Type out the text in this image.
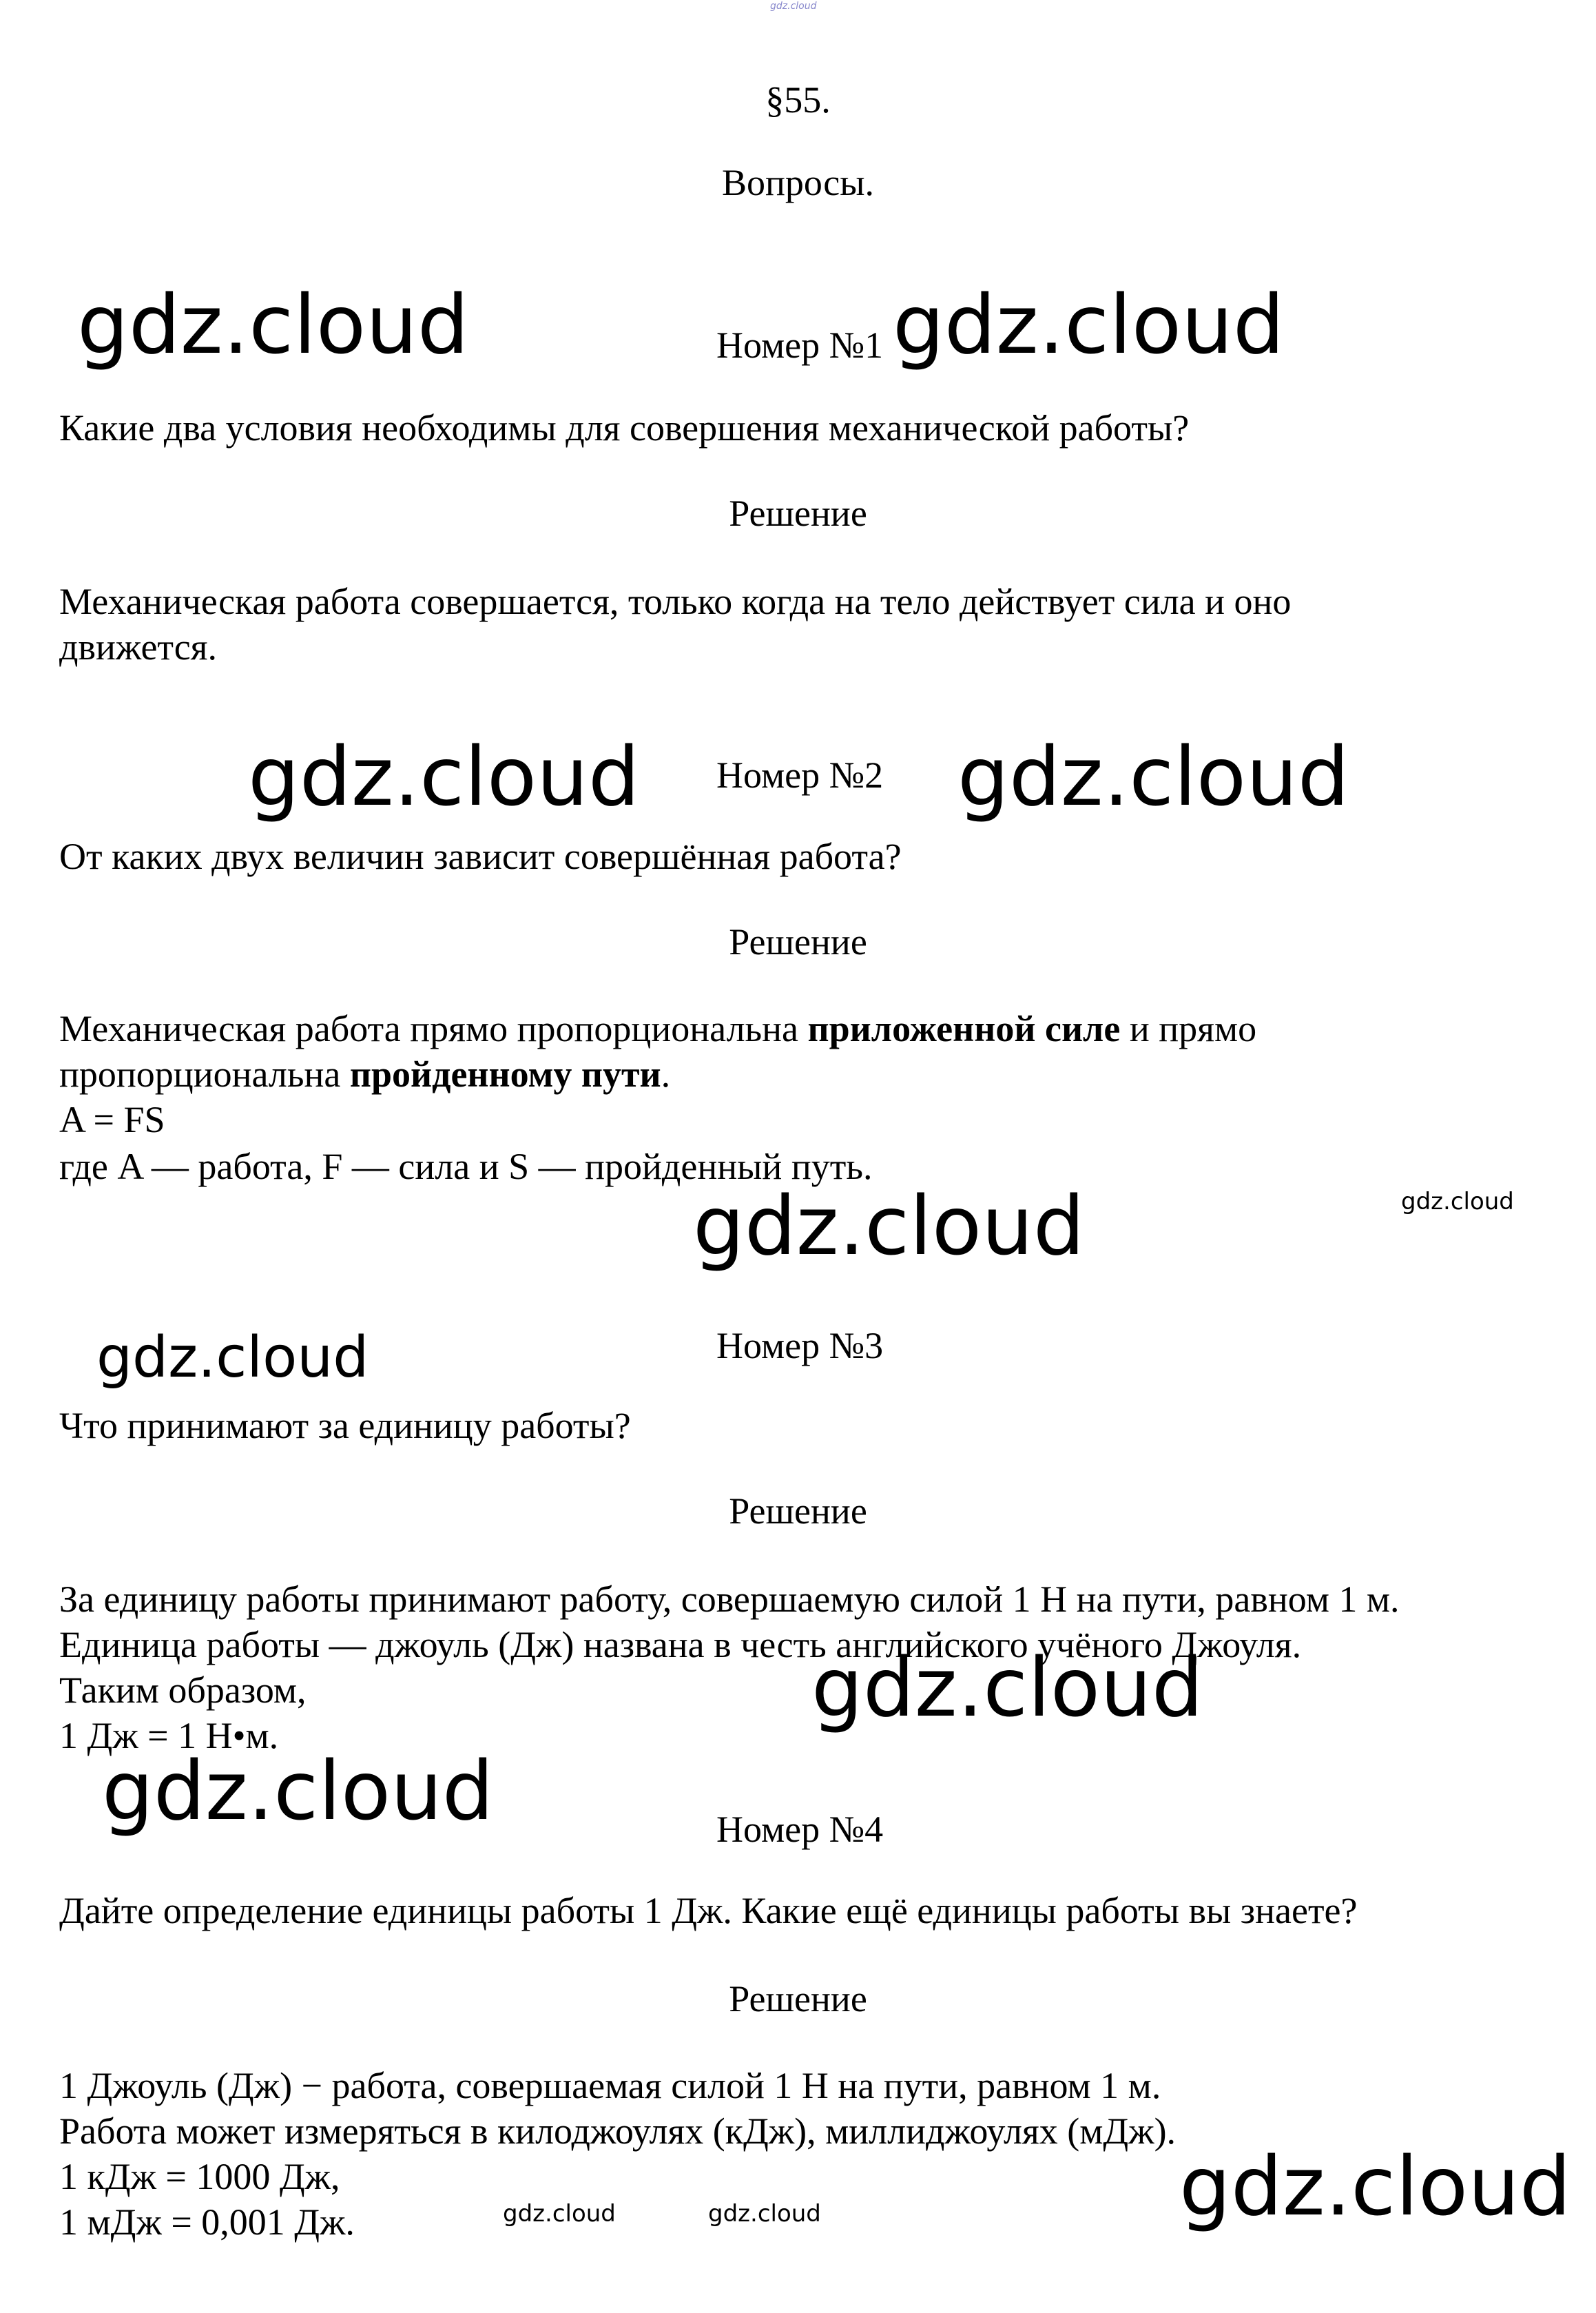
gdz.cloud
§55.
Вопросы.
gdz.cloud	Номер №1 gdz.cloud
Какие два условия необходимы для совершения механической работы?
Решение
Механическая работа совершается, только когда на тело действует сила и оно
движется.
gdz.cloud Номер №2 gdz.cloud
От каких двух величин зависит совершённая работа?
Решение
Механическая работа прямо пропорциональна приложенной силе и прямо
пропорциональна пройденному пути.
A = FS
где A — работа, F — сила и S — пройденный путь.
gdz.cloud
gdz.cloud
gdz.cloud	Номер №3
Что принимают за единицу работы?
Решение
За единицу работы принимают работу, совершаемую силой 1 Н на пути, равном 1 м.
Единица работы — джоуль (Дж) названа в честь английского учёного Джоуля.
Таким образом,
1 Дж = 1 Н•м.
gdz.cloud
gdz.cloud	Номер №4
Дайте определение единицы работы 1 Дж. Какие ещё единицы работы вы знаете?
Решение
1 Джоуль (Дж) − работа, совершаемая силой 1 Н на пути, равном 1 м.
Работа может измеряться в килоджоулях (кДж), миллиджоулях (мДж).
1 кДж = 1000 Дж,
1 мДж = 0,001 Дж.	gdz.cloud	gdz.cloud	gdz.cloud
